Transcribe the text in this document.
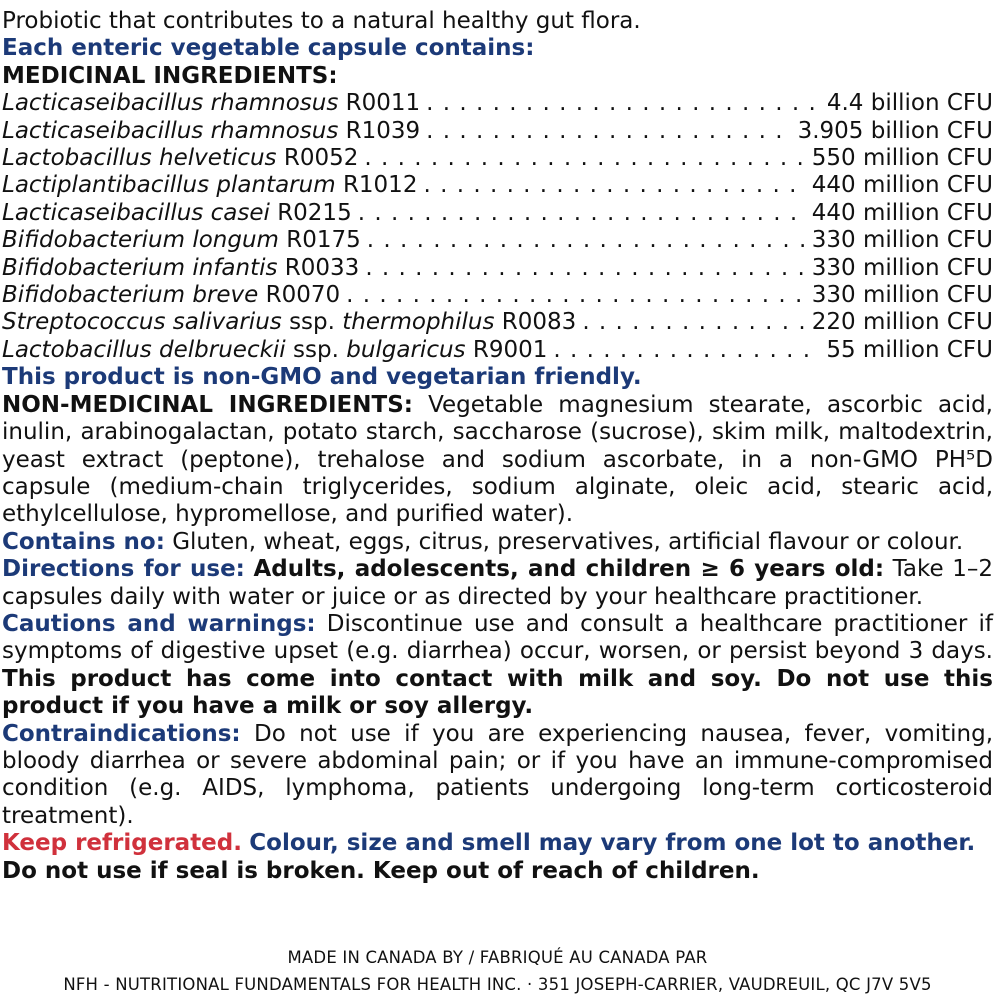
Probiotic that contributes to a natural healthy gut flora.
Each enteric vegetable capsule contains:
MEDICINAL INGREDIENTS:
Lacticaseibacillus rhamnosus R0011 . . .	4.4 billion CFU
Lacticaseibacillus rhamnosus R1039 . . .	3.905 billion CFU
Lactobacillus helveticus R0052 . . .	550 million CFU
Lactiplantibacillus plantarum R1012 . . .	440 million CFU
Lacticaseibacillus casei R0215 . . .	440 million CFU
Bifidobacterium longum R0175 . . .	330 million CFU
Bifidobacterium infantis R0033 . . .	330 million CFU
Bifidobacterium breve R0070 . . .	330 million CFU
Streptococcus salivarius ssp. thermophilus R0083 . . .	220 million CFU
Lactobacillus delbrueckii ssp. bulgaricus R9001 . . .	55 million CFU
This product is non-GMO and vegetarian friendly.
NON-MEDICINAL INGREDIENTS: Vegetable magnesium stearate, ascorbic acid, inulin, arabinogalactan, potato starch, saccharose (sucrose), skim milk, maltodextrin, yeast extract (peptone), trehalose and sodium ascorbate, in a non-GMO PH⁵D capsule (medium-chain triglycerides, sodium alginate, oleic acid, stearic acid, ethylcellulose, hypromellose, and purified water).
Contains no: Gluten, wheat, eggs, citrus, preservatives, artificial flavour or colour.
Directions for use: Adults, adolescents, and children ≥ 6 years old: Take 1–2 capsules daily with water or juice or as directed by your healthcare practitioner.
Cautions and warnings: Discontinue use and consult a healthcare practitioner if symptoms of digestive upset (e.g. diarrhea) occur, worsen, or persist beyond 3 days. This product has come into contact with milk and soy. Do not use this product if you have a milk or soy allergy.
Contraindications: Do not use if you are experiencing nausea, fever, vomiting, bloody diarrhea or severe abdominal pain; or if you have an immune-compromised condition (e.g. AIDS, lymphoma, patients undergoing long-term corticosteroid treatment).
Keep refrigerated. Colour, size and smell may vary from one lot to another.
Do not use if seal is broken. Keep out of reach of children.
MADE IN CANADA BY / FABRIQUÉ AU CANADA PAR
NFH - NUTRITIONAL FUNDAMENTALS FOR HEALTH INC. · 351 JOSEPH-CARRIER, VAUDREUIL, QC J7V 5V5
